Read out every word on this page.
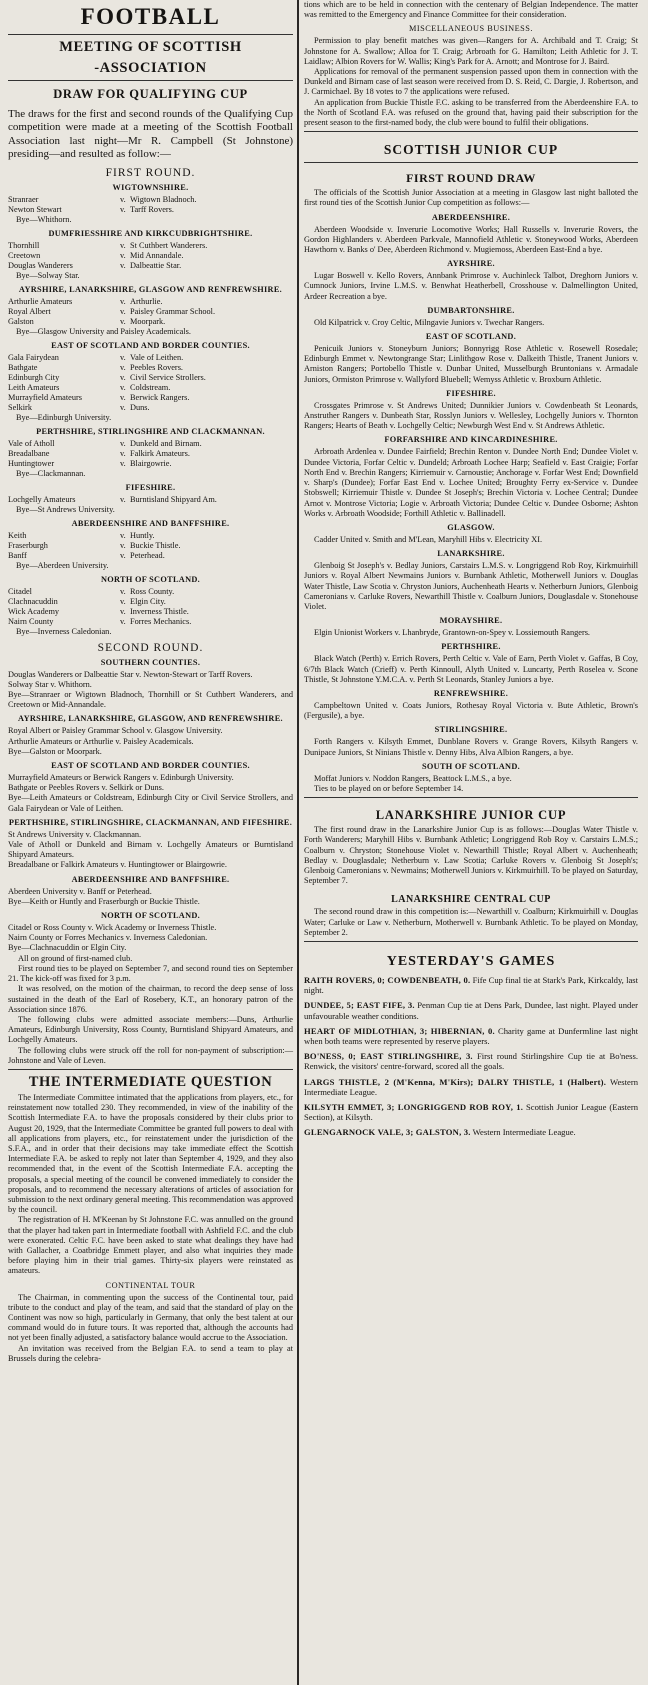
FOOTBALL
MEETING OF SCOTTISH
-ASSOCIATION
DRAW FOR QUALIFYING CUP
The draws for the first and second rounds of the Qualifying Cup competition were made at a meeting of the Scottish Football Association last night—Mr R. Campbell (St Johnstone) presiding—and resulted as follow:—
FIRST ROUND.
WIGTOWNSHIRE.
Stranraer	v. Wigtown Bladnoch.
Newton Stewart	v. Tarff Rovers.
Bye—Whithorn.
DUMFRIESSHIRE AND KIRKCUDBRIGHTSHIRE.
Thornhill	v. St Cuthbert Wanderers.
Creetown	v. Mid Annandale.
Douglas Wanderers	v. Dalbeattie Star.
Bye—Solway Star.
AYRSHIRE, LANARKSHIRE, GLASGOW AND RENFREWSHIRE.
Arthurlie Amateurs	v. Arthurlie.
Royal Albert	v. Paisley Grammar School.
Galston	v. Moorpark.
Bye—Glasgow University and Paisley Academicals.
EAST OF SCOTLAND AND BORDER COUNTIES.
Gala Fairydean	v. Vale of Leithen.
Bathgate	v. Peebles Rovers.
Edinburgh City	v. Civil Service Strollers.
Leith Amateurs	v. Coldstream.
Murrayfield Amateurs	v. Berwick Rangers.
Selkirk	v. Duns.
Bye—Edinburgh University.
PERTHSHIRE, STIRLINGSHIRE AND CLACKMANNAN.
Vale of Atholl	v. Dunkeld and Birnam.
Breadalbane	v. Falkirk Amateurs.
Huntingtower	v. Blairgowrie.
Bye—Clackmannan.
FIFESHIRE.
Lochgelly Amateurs	v. Burntisland Shipyard Am.
Bye—St Andrews University.
ABERDEENSHIRE AND BANFFSHIRE.
Keith	v. Huntly.
Fraserburgh	v. Buckie Thistle.
Banff	v. Peterhead.
Bye—Aberdeen University.
NORTH OF SCOTLAND.
Citadel	v. Ross County.
Clachnacuddin	v. Elgin City.
Wick Academy	v. Inverness Thistle.
Nairn County	v. Forres Mechanics.
Bye—Inverness Caledonian.
SECOND ROUND.
SOUTHERN COUNTIES.

Douglas Wanderers or Dalbeattie Star v. Newton-Stewart or Tarff Rovers.

Solway Star v. Whithorn.

Bye—Stranraer or Wigtown Bladnoch, Thornhill or St Cuthbert Wanderers, and Creetown or Mid-Annandale.

AYRSHIRE, LANARKSHIRE, GLASGOW, AND RENFREWSHIRE.

Royal Albert or Paisley Grammar School v. Glasgow University.

Arthurlie Amateurs or Arthurlie v. Paisley Academicals.

Bye—Galston or Moorpark.

EAST OF SCOTLAND AND BORDER COUNTIES.

Murrayfield Amateurs or Berwick Rangers v. Edinburgh University.

Bathgate or Peebles Rovers v. Selkirk or Duns.

Bye—Leith Amateurs or Coldstream, Edinburgh City or Civil Service Strollers, and Gala Fairydean or Vale of Leithen.

PERTHSHIRE, STIRLINGSHIRE, CLACKMANNAN, AND FIFESHIRE.

St Andrews University v. Clackmannan.

Vale of Atholl or Dunkeld and Birnam v. Lochgelly Amateurs or Burntisland Shipyard Amateurs.

Breadalbane or Falkirk Amateurs v. Huntingtower or Blairgowrie.

ABERDEENSHIRE AND BANFFSHIRE.

Aberdeen University v. Banff or Peterhead.

Bye—Keith or Huntly and Fraserburgh or Buckie Thistle.

NORTH OF SCOTLAND.

Citadel or Ross County v. Wick Academy or Inverness Thistle.

Nairn County or Forres Mechanics v. Inverness Caledonian.

Bye—Clachnacuddin or Elgin City.

All on ground of first-named club.

First round ties to be played on September 7, and second round ties on September 21. The kick-off was fixed for 3 p.m.

It was resolved, on the motion of the chairman, to record the deep sense of loss sustained in the death of the Earl of Rosebery, K.T., an honorary patron of the Association since 1876.

The following clubs were admitted associate members:—Duns, Arthurlie Amateurs, Edinburgh University, Ross County, Burntisland Shipyard Amateurs, and Lochgelly Amateurs.

The following clubs were struck off the roll for non-payment of subscription:—Johnstone and Vale of Leven.

THE INTERMEDIATE QUESTION

The Intermediate Committee intimated that the applications from players, etc., for reinstatement now totalled 230. They recommended, in view of the inability of the Scottish Intermediate F.A. to have the proposals considered by their clubs prior to August 20, 1929, that the Intermediate Committee be granted full powers to deal with all applications from players, etc., for reinstatement under the jurisdiction of the S.F.A., and in order that their decisions may take immediate effect the Scottish Intermediate F.A. be asked to reply not later than September 4, 1929, and they also recommended that, in the event of the Scottish Intermediate F.A. accepting the proposals, a special meeting of the council be convened immediately to consider the proposals, and to recommend the necessary alterations of articles of association for submission to the next ordinary general meeting. This recommendation was approved by the council.

The registration of H. M'Keenan by St Johnstone F.C. was annulled on the ground that the player had taken part in Intermediate football with Ashfield F.C. and the club were exonerated. Celtic F.C. have been asked to state what dealings they have had with Gallacher, a Coatbridge Emmett player, and also what inquiries they made before playing him in their trial games. Thirty-six players were reinstated as amateurs.

CONTINENTAL TOUR

The Chairman, in commenting upon the success of the Continental tour, paid tribute to the conduct and play of the team, and said that the standard of play on the Continent was now so high, particularly in Germany, that only the best talent at our command would do in future tours. It was reported that, although the accounts had not yet been finally adjusted, a satisfactory balance would accrue to the Association.

An invitation was received from the Belgian F.A. to send a team to play at Brussels during the celebra-

tions which are to be held in connection with the centenary of Belgian Independence. The matter was remitted to the Emergency and Finance Committee for their consideration.

MISCELLANEOUS BUSINESS.

Permission to play benefit matches was given—Rangers for A. Archibald and T. Craig; St Johnstone for A. Swallow; Alloa for T. Craig; Arbroath for G. Hamilton; Leith Athletic for J. T. Laidlaw; Albion Rovers for W. Wallis; King's Park for A. Arnott; and Montrose for J. Baird.

Applications for removal of the permanent suspension passed upon them in connection with the Dunkeld and Birnam case of last season were received from D. S. Reid, C. Dargie, J. Robertson, and J. Carmichael. By 18 votes to 7 the applications were refused.

An application from Buckie Thistle F.C. asking to be transferred from the Aberdeenshire F.A. to the North of Scotland F.A. was refused on the ground that, having paid their subscription for the present season to the first-named body, the club were bound to fulfil their obligations.

SCOTTISH JUNIOR CUP
FIRST ROUND DRAW

The officials of the Scottish Junior Association at a meeting in Glasgow last night balloted the first round ties of the Scottish Junior Cup competition as follows:—

ABERDEENSHIRE.

Aberdeen Woodside v. Inverurie Locomotive Works; Hall Russells v. Inverurie Rovers, the Gordon Highlanders v. Aberdeen Parkvale, Mannofield Athletic v. Stoneywood Works, Aberdeen Hawthorn v. Banks o' Dee, Aberdeen Richmond v. Mugiemoss, Aberdeen East-End a bye.

AYRSHIRE.

Lugar Boswell v. Kello Rovers, Annbank Primrose v. Auchinleck Talbot, Dreghorn Juniors v. Cumnock Juniors, Irvine L.M.S. v. Benwhat Heatherbell, Crosshouse v. Dalmellington United, Ardeer Recreation a bye.

DUMBARTONSHIRE.

Old Kilpatrick v. Croy Celtic, Milngavie Juniors v. Twechar Rangers.

EAST OF SCOTLAND.

Penicuik Juniors v. Stoneyburn Juniors; Bonnyrigg Rose Athletic v. Rosewell Rosedale; Edinburgh Emmet v. Newtongrange Star; Linlithgow Rose v. Dalkeith Thistle, Tranent Juniors v. Arniston Rangers; Portobello Thistle v. Dunbar United, Musselburgh Bruntonians v. Armadale Juniors, Ormiston Primrose v. Wallyford Bluebell; Wemyss Athletic v. Broxburn Athletic.

FIFESHIRE.

Crossgates Primrose v. St Andrews United; Dunnikier Juniors v. Cowdenbeath St Leonards, Anstruther Rangers v. Dunbeath Star, Rosslyn Juniors v. Wellesley, Lochgelly Juniors v. Thornton Rangers; Hearts of Beath v. Lochgelly Celtic; Newburgh West End v. St Andrews Athletic.

FORFARSHIRE AND KINCARDINESHIRE.

Arbroath Ardenlea v. Dundee Fairfield; Brechin Renton v. Dundee North End; Dundee Violet v. Dundee Victoria, Forfar Celtic v. Dundeld; Arbroath Lochee Harp; Seafield v. East Craigie; Forfar North End v. Brechin Rangers; Kirriemuir v. Carnoustie; Anchorage v. Forfar West End; Downfield v. Sharp's (Dundee); Forfar East End v. Lochee United; Broughty Ferry ex-Service v. Dundee Stobswell; Kirriemuir Thistle v. Dundee St Joseph's; Brechin Victoria v. Lochee Central; Dundee Arnot v. Montrose Victoria; Logie v. Arbroath Victoria; Dundee Celtic v. Dundee Osborne; Ashton Works v. Arbroath Woodside; Forthill Athletic v. Ballinadell.

GLASGOW.

Cadder United v. Smith and M'Lean, Maryhill Hibs v. Electricity XI.

LANARKSHIRE.

Glenboig St Joseph's v. Bedlay Juniors, Carstairs L.M.S. v. Longriggend Rob Roy, Kirkmuirhill Juniors v. Royal Albert Newmains Juniors v. Burnbank Athletic, Motherwell Juniors v. Douglas Water Thistle, Law Scotia v. Chryston Juniors, Auchenheath Hearts v. Netherburn Juniors, Glenboig Cameronians v. Carluke Rovers, Newarthill Thistle v. Coalburn Juniors, Douglasdale v. Stonehouse Violet.

MORAYSHIRE.

Elgin Unionist Workers v. Lhanbryde, Grantown-on-Spey v. Lossiemouth Rangers.

PERTHSHIRE.

Black Watch (Perth) v. Errich Rovers, Perth Celtic v. Vale of Earn, Perth Violet v. Gaffas, B Coy, 6/7th Black Watch (Crieff) v. Perth Kinnoull, Alyth United v. Luncarty, Perth Roselea v. Scone Thistle, St Johnstone Y.M.C.A. v. Perth St Leonards, Stanley Juniors a bye.

RENFREWSHIRE.

Campbeltown United v. Coats Juniors, Rothesay Royal Victoria v. Bute Athletic, Brown's (Fergusile), a bye.

STIRLINGSHIRE.

Forth Rangers v. Kilsyth Emmet, Dunblane Rovers v. Grange Rovers, Kilsyth Rangers v. Dunipace Juniors, St Ninians Thistle v. Denny Hibs, Alva Albion Rangers, a bye.

SOUTH OF SCOTLAND.

Moffat Juniors v. Noddon Rangers, Beattock L.M.S., a bye.

Ties to be played on or before September 14.

LANARKSHIRE JUNIOR CUP

The first round draw in the Lanarkshire Junior Cup is as follows:—Douglas Water Thistle v. Forth Wanderers; Maryhill Hibs v. Burnbank Athletic; Longriggend Rob Roy v. Carstairs L.M.S.; Coalburn v. Chryston; Stonehouse Violet v. Newarthill Thistle; Royal Albert v. Auchenheath; Bedlay v. Douglasdale; Netherburn v. Law Scotia; Carluke Rovers v. Glenboig St Joseph's; Glenboig Cameronians v. Newmains; Motherwell Juniors v. Kirkmuirhill. To be played on Saturday, September 7.

LANARKSHIRE CENTRAL CUP

The second round draw in this competition is:—Newarthill v. Coalburn; Kirkmuirhill v. Douglas Water; Carluke or Law v. Netherburn, Motherwell v. Burnbank Athletic. To be played on Monday, September 2.

YESTERDAY'S GAMES

RAITH ROVERS, 0; COWDENBEATH, 0. Fife Cup final tie at Stark's Park, Kirkcaldy, last night.

DUNDEE, 5; EAST FIFE, 3. Penman Cup tie at Dens Park, Dundee, last night. Played under unfavourable weather conditions.

HEART OF MIDLOTHIAN, 3; HIBERNIAN, 0. Charity game at Dunfermline last night when both teams were represented by reserve players.

BO'NESS, 0; EAST STIRLINGSHIRE, 3. First round Stirlingshire Cup tie at Bo'ness. Renwick, the visitors' centre-forward, scored all the goals.

LARGS THISTLE, 2 (M'Kenna, M'Kirs); DALRY THISTLE, 1 (Halbert). Western Intermediate League.

KILSYTH EMMET, 3; LONGRIGGEND ROB ROY, 1. Scottish Junior League (Eastern Section), at Kilsyth.

GLENGARNOCK VALE, 3; GALSTON, 3. Western Intermediate League.
